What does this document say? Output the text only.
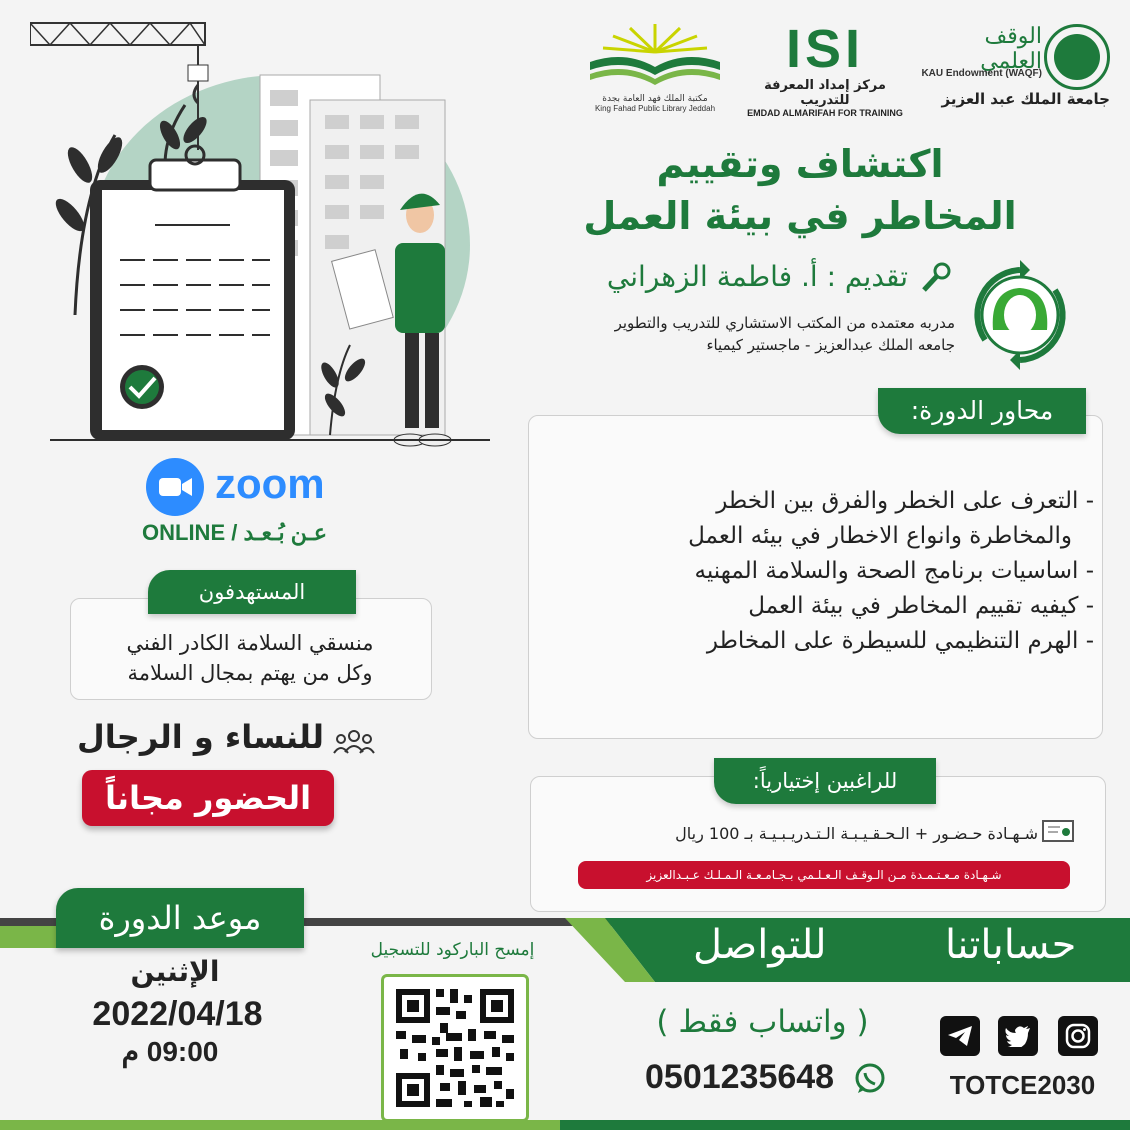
الوقف العلمي
KAU Endowment (WAQF)
جامعة الملك عبد العزيز
ISI
مركز إمداد المعرفة للتدريب
EMDAD ALMARIFAH FOR TRAINING
مكتبة الملك فهد العامة بجدة
King Fahad Public Library Jeddah
اكتشاف وتقييم
المخاطر في بيئة العمل
تقديم : أ. فاطمة الزهراني
مدربه معتمده من المكتب الاستشاري للتدريب والتطوير
جامعه الملك عبدالعزيز - ماجستير كيمياء
- التعرف على الخطر والفرق بين الخطر
والمخاطرة وانواع الاخطار في بيئه العمل
- اساسيات برنامج الصحة والسلامة المهنيه
- كيفيه تقييم المخاطر في بيئة العمل
- الهرم التنظيمي للسيطرة على المخاطر
محاور الدورة:
للراغبين إختيارياً:
شـهـادة حـضـور + الـحـقـيـبـة الـتـدريـبـيـة بـ 100 ريال
شـهـادة مـعـتـمـدة مـن الـوقـف الـعـلـمي بـجـامـعـة الـمـلـك عـبـدالعزيز
zoom
ONLINE / عـن بُـعـد
المستهدفون
منسقي السلامة الكادر الفني
وكل من يهتم بمجال السلامة
للنساء و الرجال
الحضور مجاناً
حساباتنا
للتواصل
موعد الدورة
الإثنين
2022/04/18
09:00 م
إمسح الباركود للتسجيل
( واتساب فقط )
0501235648	TOTCE2030
